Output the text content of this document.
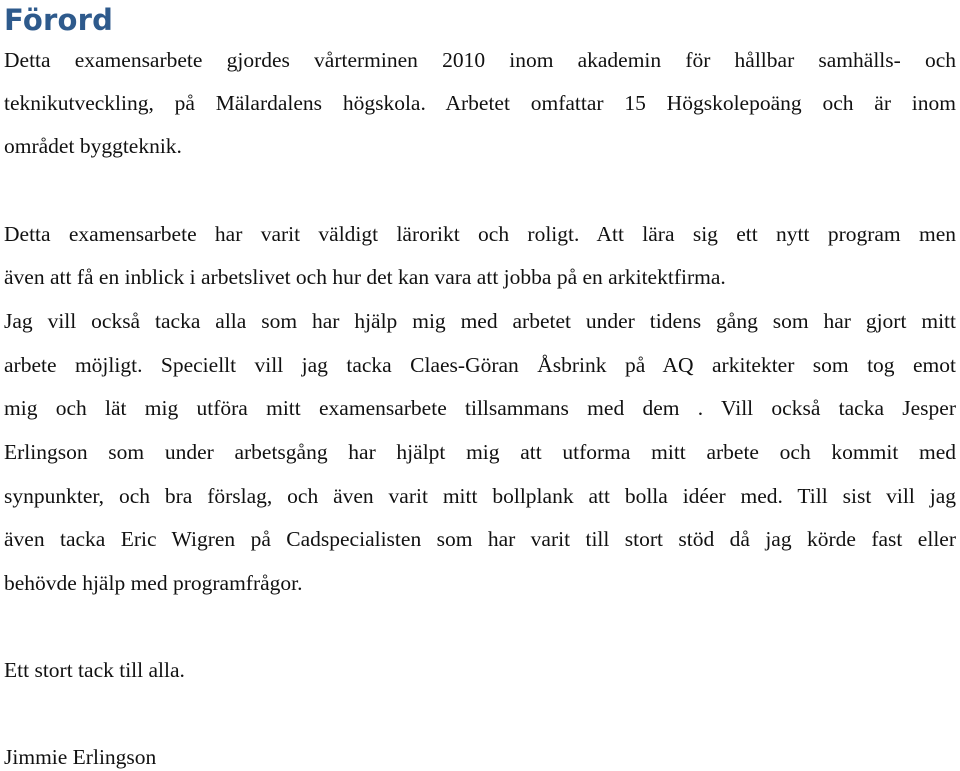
Förord

Detta examensarbete gjordes vårterminen 2010 inom akademin för hållbar samhälls- och

teknikutveckling, på Mälardalens högskola. Arbetet omfattar 15 Högskolepoäng och är inom

området byggteknik.

Detta examensarbete har varit väldigt lärorikt och roligt. Att lära sig ett nytt program men

även att få en inblick i arbetslivet och hur det kan vara att jobba på en arkitektfirma.

Jag vill också tacka alla som har hjälp mig med arbetet under tidens gång som har gjort mitt

arbete möjligt. Speciellt vill jag tacka Claes-Göran Åsbrink på AQ arkitekter som tog emot

mig och lät mig utföra mitt examensarbete tillsammans med dem . Vill också tacka Jesper

Erlingson som under arbetsgång har hjälpt mig att utforma mitt arbete och kommit med

synpunkter, och bra förslag, och även varit mitt bollplank att bolla idéer med. Till sist vill jag

även tacka Eric Wigren på Cadspecialisten som har varit till stort stöd då jag körde fast eller

behövde hjälp med programfrågor.

Ett stort tack till alla.

Jimmie Erlingson
